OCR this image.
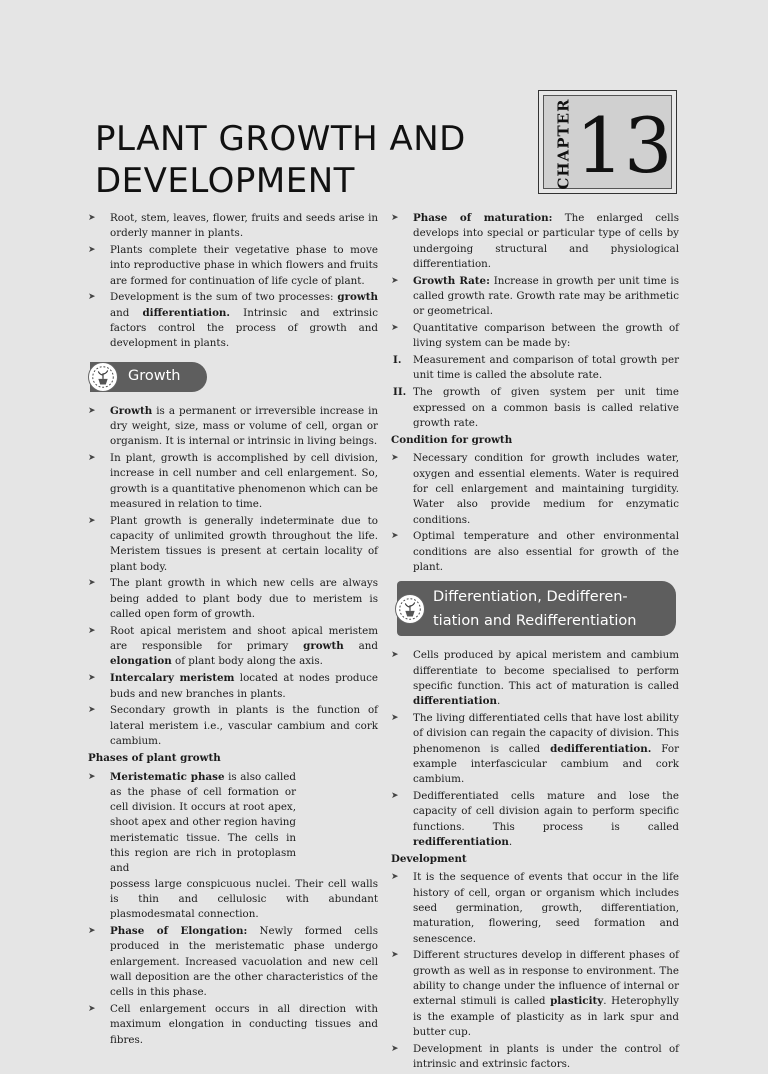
PLANT GROWTH AND
DEVELOPMENT	CHAPTER 13
➤ Root, stem, leaves, flower, fruits and seeds arise in orderly manner in plants.
➤ Plants complete their vegetative phase to move into reproductive phase in which flowers and fruits are formed for continuation of life cycle of plant.
➤ Development is the sum of two processes: growth and differentiation. Intrinsic and extrinsic factors control the process of growth and development in plants.
Growth
➤ Growth is a permanent or irreversible increase in dry weight, size, mass or volume of cell, organ or organism. It is internal or intrinsic in living beings.
➤ In plant, growth is accomplished by cell division, increase in cell number and cell enlargement. So, growth is a quantitative phenomenon which can be measured in relation to time.
➤ Plant growth is generally indeterminate due to capacity of unlimited growth throughout the life. Meristem tissues is present at certain locality of plant body.
➤ The plant growth in which new cells are always being added to plant body due to meristem is called open form of growth.
➤ Root apical meristem and shoot apical meristem are responsible for primary growth and elongation of plant body along the axis.
➤ Intercalary meristem located at nodes produce buds and new branches in plants.
➤ Secondary growth in plants is the function of lateral meristem i.e., vascular cambium and cork cambium.
Phases of plant growth
➤ Meristematic phase is also called as the phase of cell formation or cell division. It occurs at root apex, shoot apex and other region having meristematic tissue. The cells in this region are rich in protoplasm and
possess large conspicuous nuclei. Their cell walls is thin and cellulosic with abundant plasmodesmatal connection.
➤ Phase of Elongation: Newly formed cells produced in the meristematic phase undergo enlargement. Increased vacuolation and new cell wall deposition are the other characteristics of the cells in this phase.
➤ Cell enlargement occurs in all direction with maximum elongation in conducting tissues and fibres.
➤ Phase of maturation: The enlarged cells develops into special or particular type of cells by undergoing structural and physiological differentiation.
➤ Growth Rate: Increase in growth per unit time is called growth rate. Growth rate may be arithmetic or geometrical.
➤ Quantitative comparison between the growth of living system can be made by:
I. Measurement and comparison of total growth per unit time is called the absolute rate.
II. The growth of given system per unit time expressed on a common basis is called relative growth rate.
Condition for growth
➤ Necessary condition for growth includes water, oxygen and essential elements. Water is required for cell enlargement and maintaining turgidity. Water also provide medium for enzymatic conditions.
➤ Optimal temperature and other environmental conditions are also essential for growth of the plant.
Differentiation, Dedifferen-
tiation and Redifferentiation
➤ Cells produced by apical meristem and cambium differentiate to become specialised to perform specific function. This act of maturation is called differentiation.
➤ The living differentiated cells that have lost ability of division can regain the capacity of division. This phenomenon is called dedifferentiation. For example interfascicular cambium and cork cambium.
➤ Dedifferentiated cells mature and lose the capacity of cell division again to perform specific functions. This process is called redifferentiation.
Development
➤ It is the sequence of events that occur in the life history of cell, organ or organism which includes seed germination, growth, differentiation, maturation, flowering, seed formation and senescence.
➤ Different structures develop in different phases of growth as well as in response to environment. The ability to change under the influence of internal or external stimuli is called plasticity. Heterophylly is the example of plasticity as in lark spur and butter cup.
➤ Development in plants is under the control of intrinsic and extrinsic factors.
